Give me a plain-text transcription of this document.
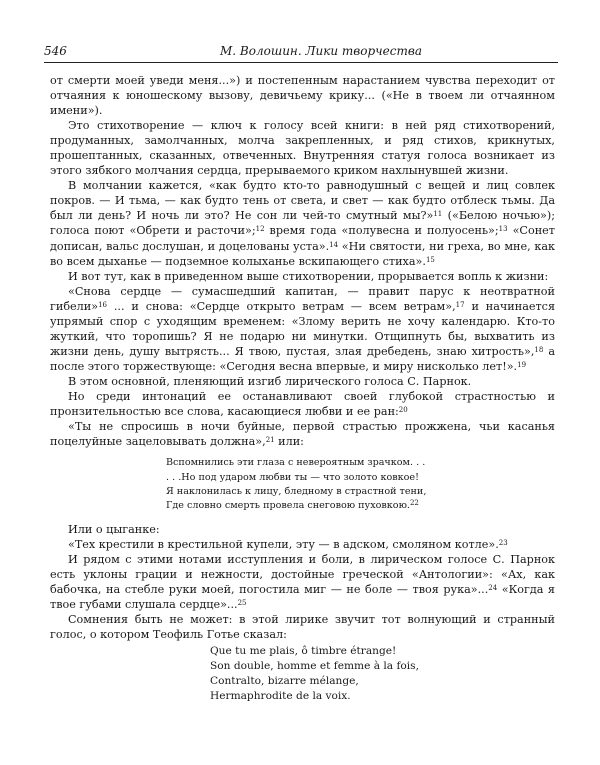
546	М. Волошин. Лики творчества

от смерти моей уведи меня...») и постепенным нарастанием чувства переходит от отчаяния к юношескому вызову, девичьему крику... («Не в твоем ли отчаянном имени»).

Это стихотворение — ключ к голосу всей книги: в ней ряд стихотворений, продуманных, замолчанных, молча закрепленных, и ряд стихов, крикнутых, прошептанных, сказанных, отвеченных. Внутренняя статуя голоса возникает из этого зябкого молчания сердца, прерываемого криком нахлынувшей жизни.

В молчании кажется, «как будто кто-то равнодушный с вещей и лиц совлек покров. — И тьма, — как будто тень от света, и свет — как будто отблеск тьмы. Да был ли день? И ночь ли это? Не сон ли чей-то смутный мы?»$^{11}$ («Белою ночью»); голоса поют «Обрети и расточи»;$^{12}$ время года «полувесна и полуосень»;$^{13}$ «Сонет дописан, вальс дослушан, и доцелованы уста».$^{14}$ «Ни святости, ни греха, во мне, как во всем дыханье — подземное колыханье вскипающего стиха».$^{15}$

И вот тут, как в приведенном выше стихотворении, прорывается вопль к жизни:

«Снова сердце — сумасшедший капитан, — правит парус к неотвратной гибели»$^{16}$ ... и снова: «Сердце открыто ветрам — всем ветрам»,$^{17}$ и начинается упрямый спор с уходящим временем: «Злому верить не хочу календарю. Кто-то жуткий, что торопишь? Я не подарю ни минутки. Отщипнуть бы, выхватить из жизни день, душу вытрясть... Я твою, пустая, злая дребедень, знаю хитрость»,$^{18}$ а после этого торжествующе: «Сегодня весна впервые, и миру нисколько лет!».$^{19}$

В этом основной, пленяющий изгиб лирического голоса С. Парнок.

Но среди интонаций ее останавливают своей глубокой страстностью и пронзительностью все слова, касающиеся любви и ее ран:$^{20}$

«Ты не спросишь в ночи буйные, первой страстью прожжена, чьи касанья поцелуйные зацеловывать должна»,$^{21}$ или:

Вспомнились эти глаза с невероятным зрачком. . .
. . .Но под ударом любви ты — что золото ковкое!
Я наклонилась к лицу, бледному в страстной тени,
Где словно смерть провела снеговою пуховкою.$^{22}$

Или о цыганке:

«Тех крестили в крестильной купели, эту — в адском, смоляном котле».$^{23}$

И рядом с этими нотами исступления и боли, в лирическом голосе С. Парнок есть уклоны грации и нежности, достойные греческой «Антологии»: «Ах, как бабочка, на стебле руки моей, погостила миг — не боле — твоя рука»...$^{24}$ «Когда я твое губами слушала сердце»...$^{25}$

Сомнения быть не может: в этой лирике звучит тот волнующий и странный голос, о котором Теофиль Готье сказал:

Que tu me plais, ô timbre étrange!
Son double, homme et femme à la fois,
Contralto, bizarre mélange,
Hermaphrodite de la voix.
